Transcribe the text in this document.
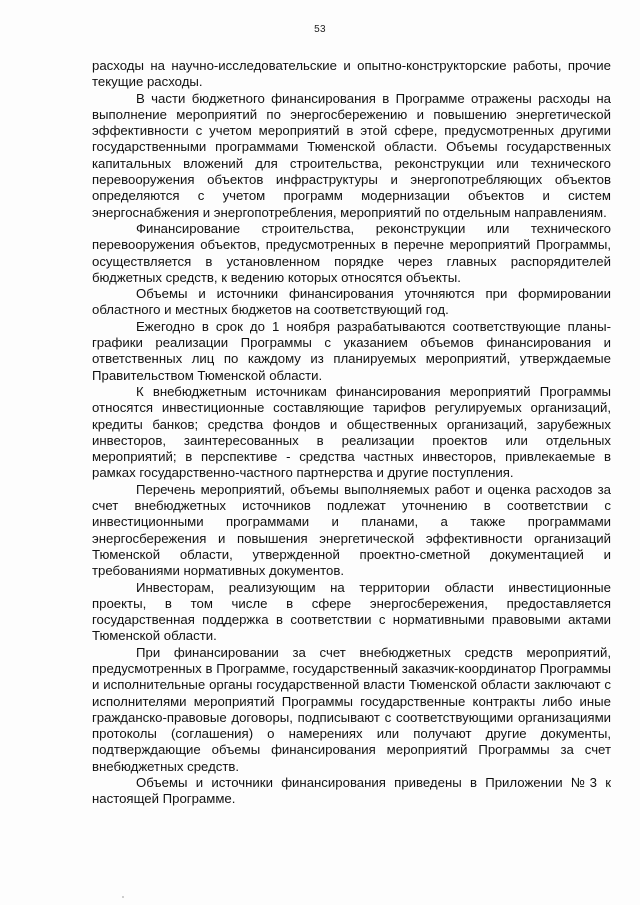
53

расходы на научно-исследовательские и опытно-конструкторские работы, прочие текущие расходы.

В части бюджетного финансирования в Программе отражены расходы на выполнение мероприятий по энергосбережению и повышению энергетической эффективности с учетом мероприятий в этой сфере, предусмотренных другими государственными программами Тюменской области. Объемы государственных капитальных вложений для строительства, реконструкции или технического перевооружения объектов инфраструктуры и энергопотребляющих объектов определяются с учетом программ модернизации объектов и систем энергоснабжения и энергопотребления, мероприятий по отдельным направлениям.

Финансирование строительства, реконструкции или технического перевооружения объектов, предусмотренных в перечне мероприятий Программы, осуществляется в установленном порядке через главных распорядителей бюджетных средств, к ведению которых относятся объекты.

Объемы и источники финансирования уточняются при формировании областного и местных бюджетов на соответствующий год.

Ежегодно в срок до 1 ноября разрабатываются соответствующие планы-графики реализации Программы с указанием объемов финансирования и ответственных лиц по каждому из планируемых мероприятий, утверждаемые Правительством Тюменской области.

К внебюджетным источникам финансирования мероприятий Программы относятся инвестиционные составляющие тарифов регулируемых организаций, кредиты банков; средства фондов и общественных организаций, зарубежных инвесторов, заинтересованных в реализации проектов или отдельных мероприятий; в перспективе - средства частных инвесторов, привлекаемые в рамках государственно-частного партнерства и другие поступления.

Перечень мероприятий, объемы выполняемых работ и оценка расходов за счет внебюджетных источников подлежат уточнению в соответствии с инвестиционными программами и планами, а также программами энергосбережения и повышения энергетической эффективности организаций Тюменской области, утвержденной проектно-сметной документацией и требованиями нормативных документов.

Инвесторам, реализующим на территории области инвестиционные проекты, в том числе в сфере энергосбережения, предоставляется государственная поддержка в соответствии с нормативными правовыми актами Тюменской области.

При финансировании за счет внебюджетных средств мероприятий, предусмотренных в Программе, государственный заказчик-координатор Программы и исполнительные органы государственной власти Тюменской области заключают с исполнителями мероприятий Программы государственные контракты либо иные гражданско-правовые договоры, подписывают с соответствующими организациями протоколы (соглашения) о намерениях или получают другие документы, подтверждающие объемы финансирования мероприятий Программы за счет внебюджетных средств.

Объемы и источники финансирования приведены в Приложении №3 к настоящей Программе.
